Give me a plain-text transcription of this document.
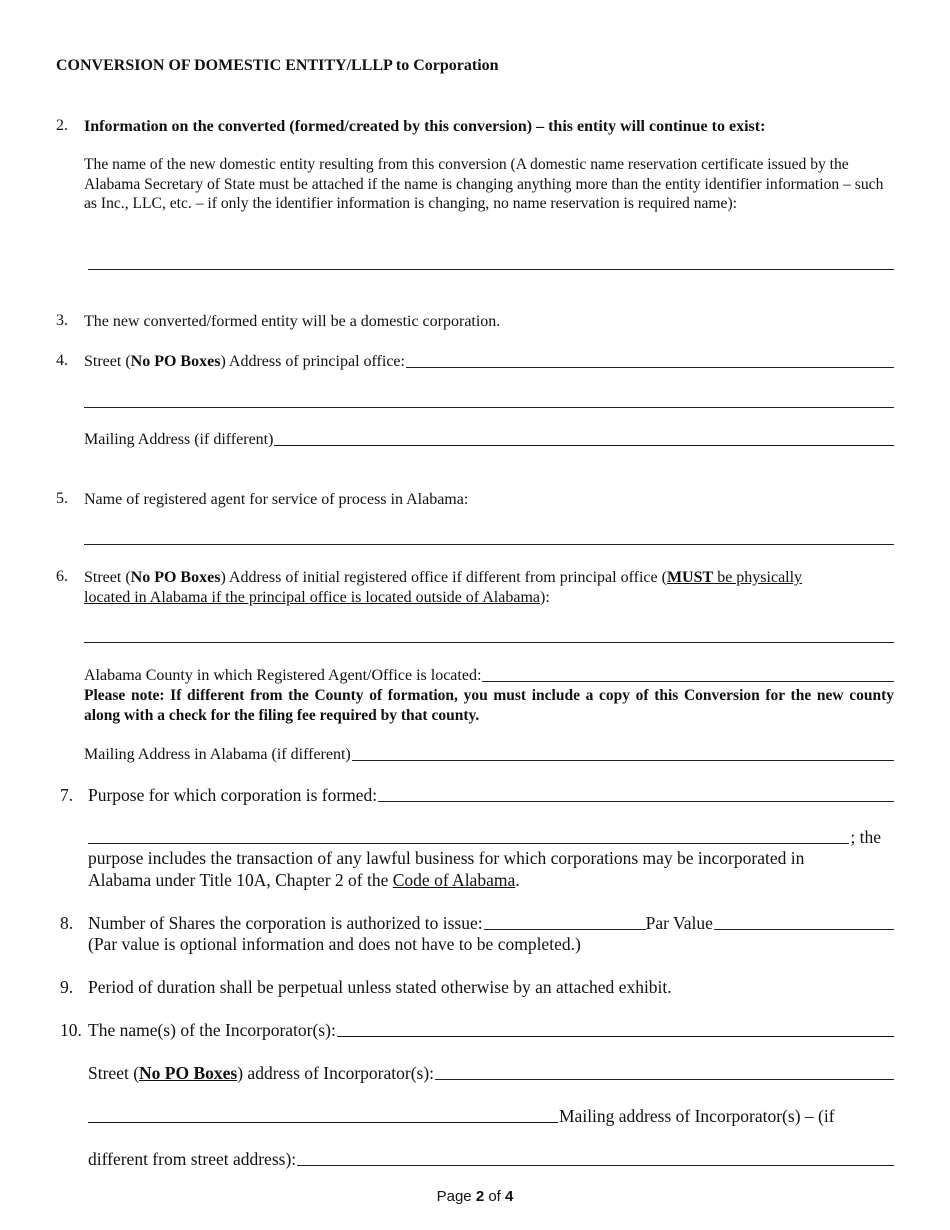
CONVERSION OF DOMESTIC ENTITY/LLLP to Corporation
2. Information on the converted (formed/created by this conversion) – this entity will continue to exist:
The name of the new domestic entity resulting from this conversion (A domestic name reservation certificate issued by the Alabama Secretary of State must be attached if the name is changing anything more than the entity identifier information – such as Inc., LLC, etc. – if only the identifier information is changing, no name reservation is required name):
3. The new converted/formed entity will be a domestic corporation.
4. Street ( No PO Boxes ) Address of principal office:
Mailing Address (if different)
5. Name of registered agent for service of process in Alabama:
6. Street (No PO Boxes) Address of initial registered office if different from principal office (MUST be physically
located in Alabama if the principal office is located outside of Alabama):
Alabama County in which Registered Agent/Office is located:
Please note: If different from the County of formation, you must include a copy of this Conversion for the new county along with a check for the filing fee required by that county.
Mailing Address in Alabama (if different)
7. Purpose for which corporation is formed:
; the
purpose includes the transaction of any lawful business for which corporations may be incorporated in
Alabama under Title 10A, Chapter 2 of the Code of Alabama.
8. Number of Shares the corporation is authorized to issue:	Par Value
(Par value is optional information and does not have to be completed.)
9. Period of duration shall be perpetual unless stated otherwise by an attached exhibit.
10. The name(s) of the Incorporator(s):
Street ( No PO Boxes ) address of Incorporator(s):
Mailing address of Incorporator(s) – (if
different from street address):
Page 2 of 4
